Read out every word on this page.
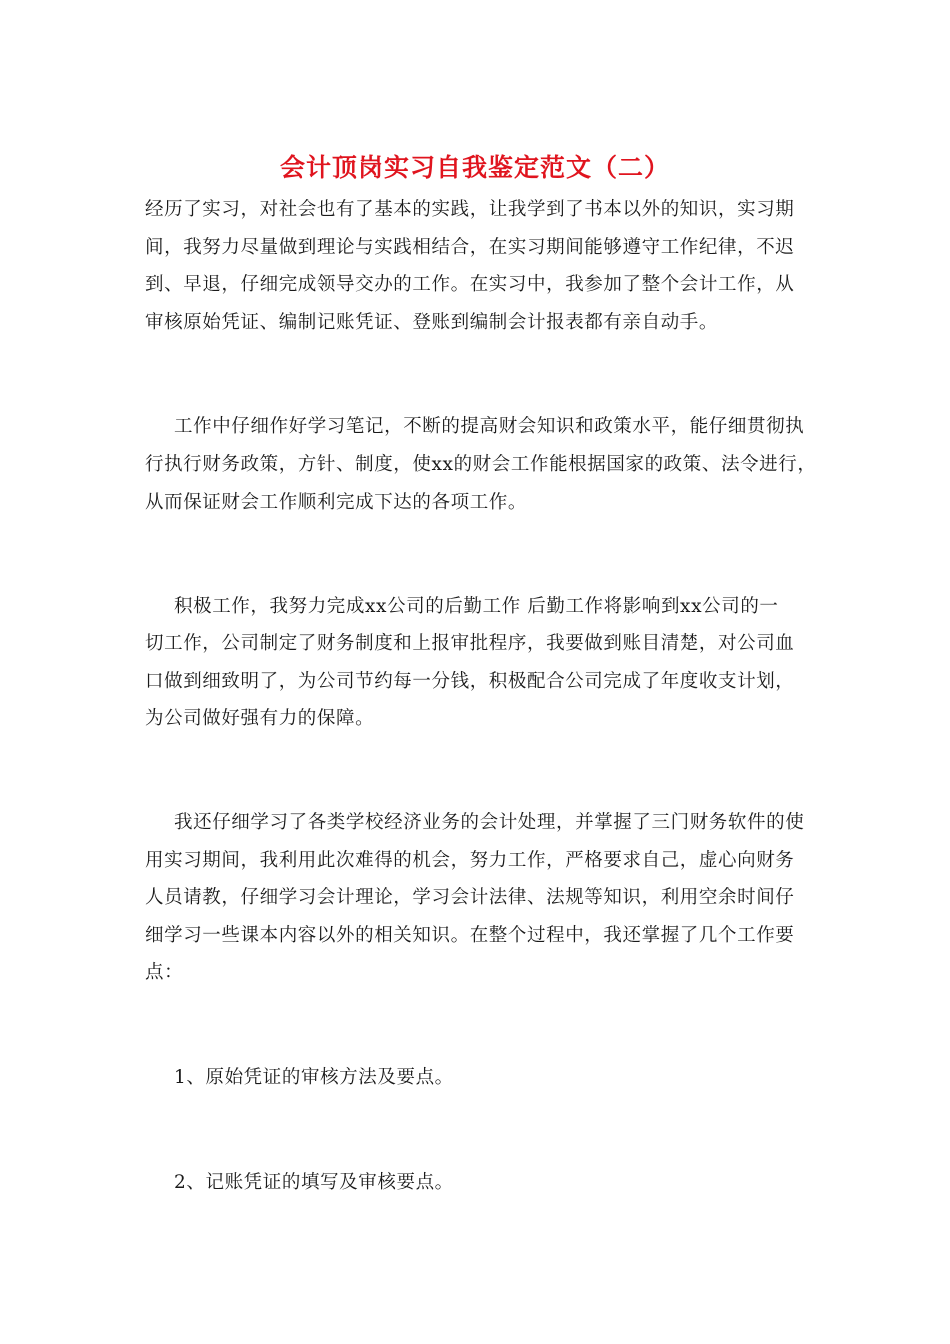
会计顶岗实习自我鉴定范文（二）
经历了实习，对社会也有了基本的实践，让我学到了书本以外的知识，实习期
间，我努力尽量做到理论与实践相结合，在实习期间能够遵守工作纪律，不迟
到、早退，仔细完成领导交办的工作。在实习中，我参加了整个会计工作，从
审核原始凭证、编制记账凭证、登账到编制会计报表都有亲自动手。
工作中仔细作好学习笔记，不断的提高财会知识和政策水平，能仔细贯彻执
行执行财务政策，方针、制度，使xx的财会工作能根据国家的政策、法令进行，
从而保证财会工作顺利完成下达的各项工作。
积极工作，我努力完成xx公司的后勤工作 后勤工作将影响到xx公司的一
切工作，公司制定了财务制度和上报审批程序，我要做到账目清楚，对公司血
口做到细致明了，为公司节约每一分钱，积极配合公司完成了年度收支计划，
为公司做好强有力的保障。
我还仔细学习了各类学校经济业务的会计处理，并掌握了三门财务软件的使
用实习期间，我利用此次难得的机会，努力工作，严格要求自己，虚心向财务
人员请教，仔细学习会计理论，学习会计法律、法规等知识，利用空余时间仔
细学习一些课本内容以外的相关知识。在整个过程中，我还掌握了几个工作要
点：
1、原始凭证的审核方法及要点。
2、记账凭证的填写及审核要点。
